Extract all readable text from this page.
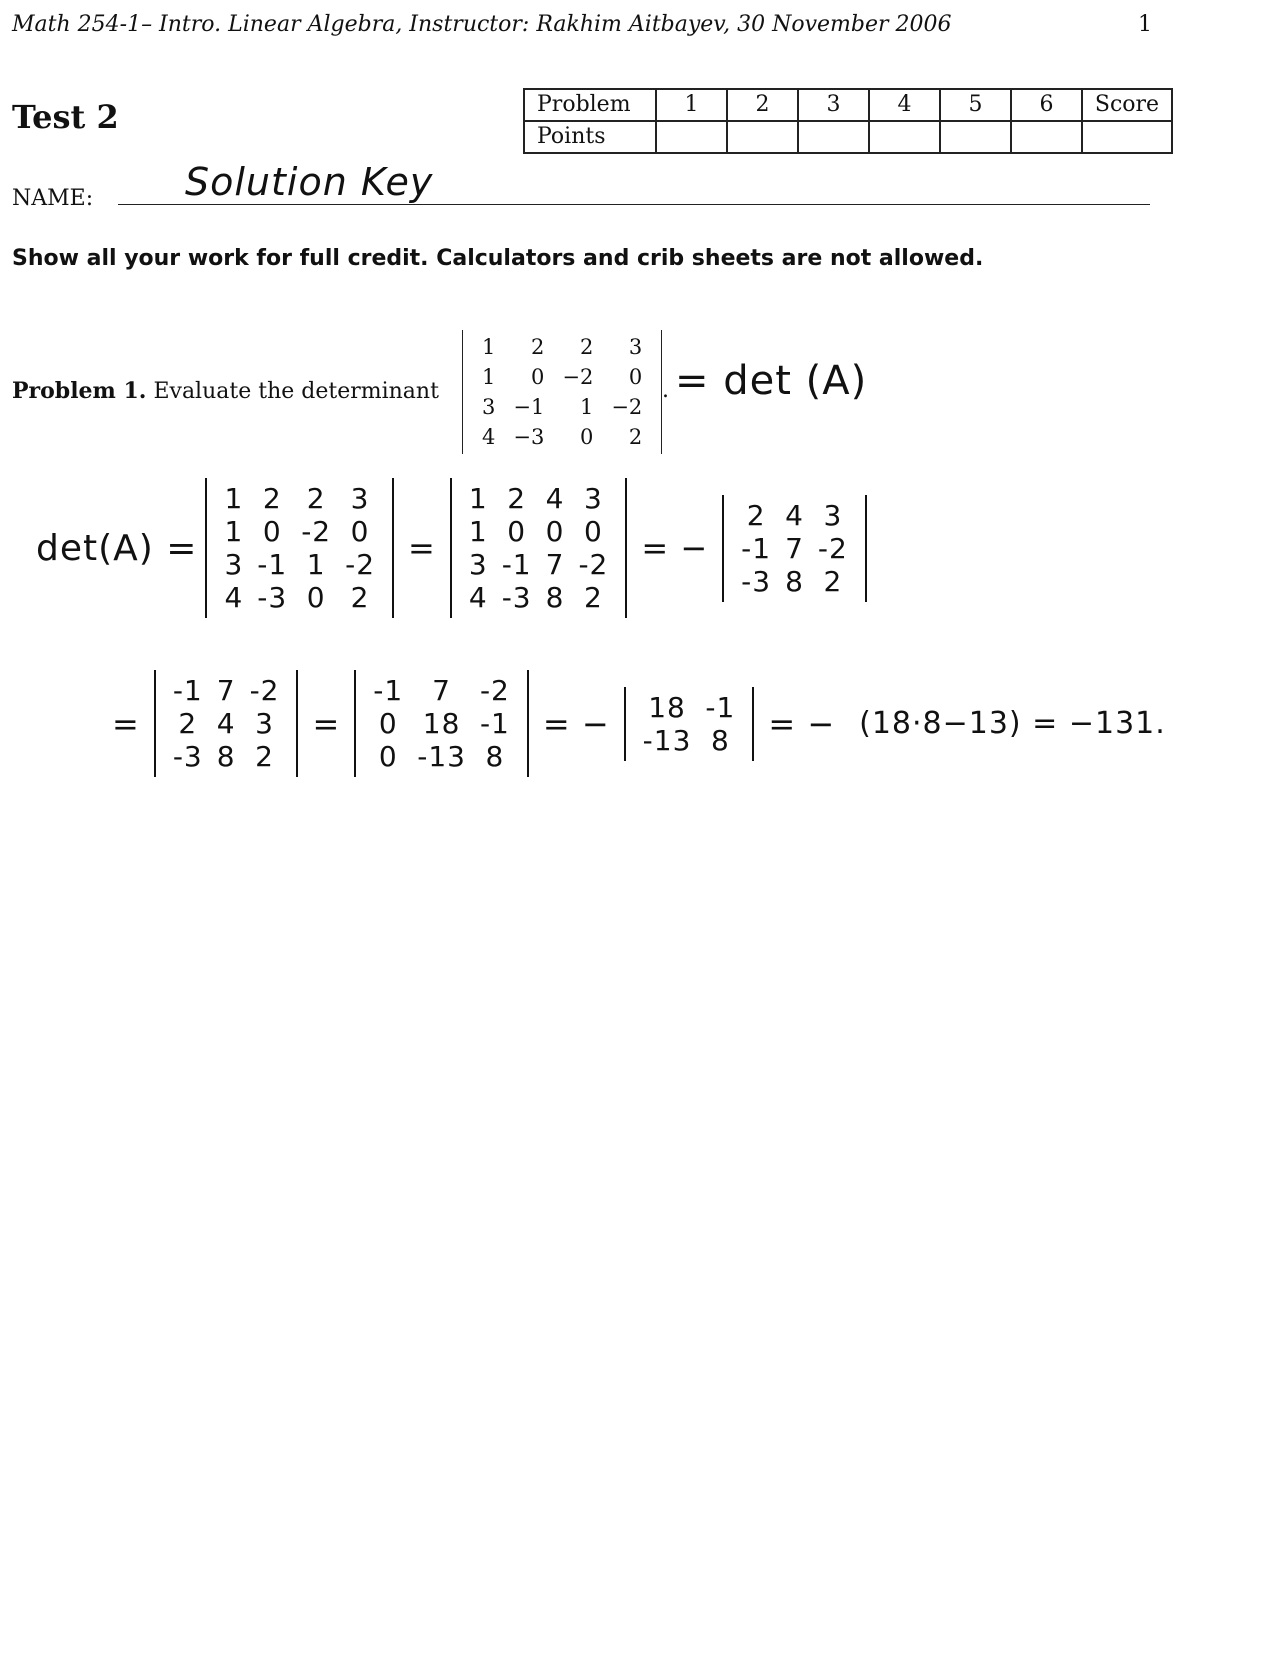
Math 254-1– Intro. Linear Algebra, Instructor: Rakhim Aitbayev, 30 November 2006	1
Test 2	Problem	1	2	3	4	5	6	Score
Points							
NAME: Solution Key
Show all your work for full credit. Calculators and crib sheets are not allowed.
Problem 1. Evaluate the determinant
1	2	2	3
1	0	−2	0
3	−1	1	−2
4	−3	0	2
. = det (A)
det(A) =
1	2	2	3
1	0	-2	0
3	-1	1	-2
4	-3	0	2
=
1	2	4	3
1	0	0	0
3	-1	7	-2
4	-3	8	2
= −
2	4	3
-1	7	-2
-3	8	2
=
-1	7	-2
2	4	3
-3	8	2
=
-1	7	-2
0	18	-1
0	-13	8
= −	18	-1
-13	8	= − (18·8−13) = −131.
